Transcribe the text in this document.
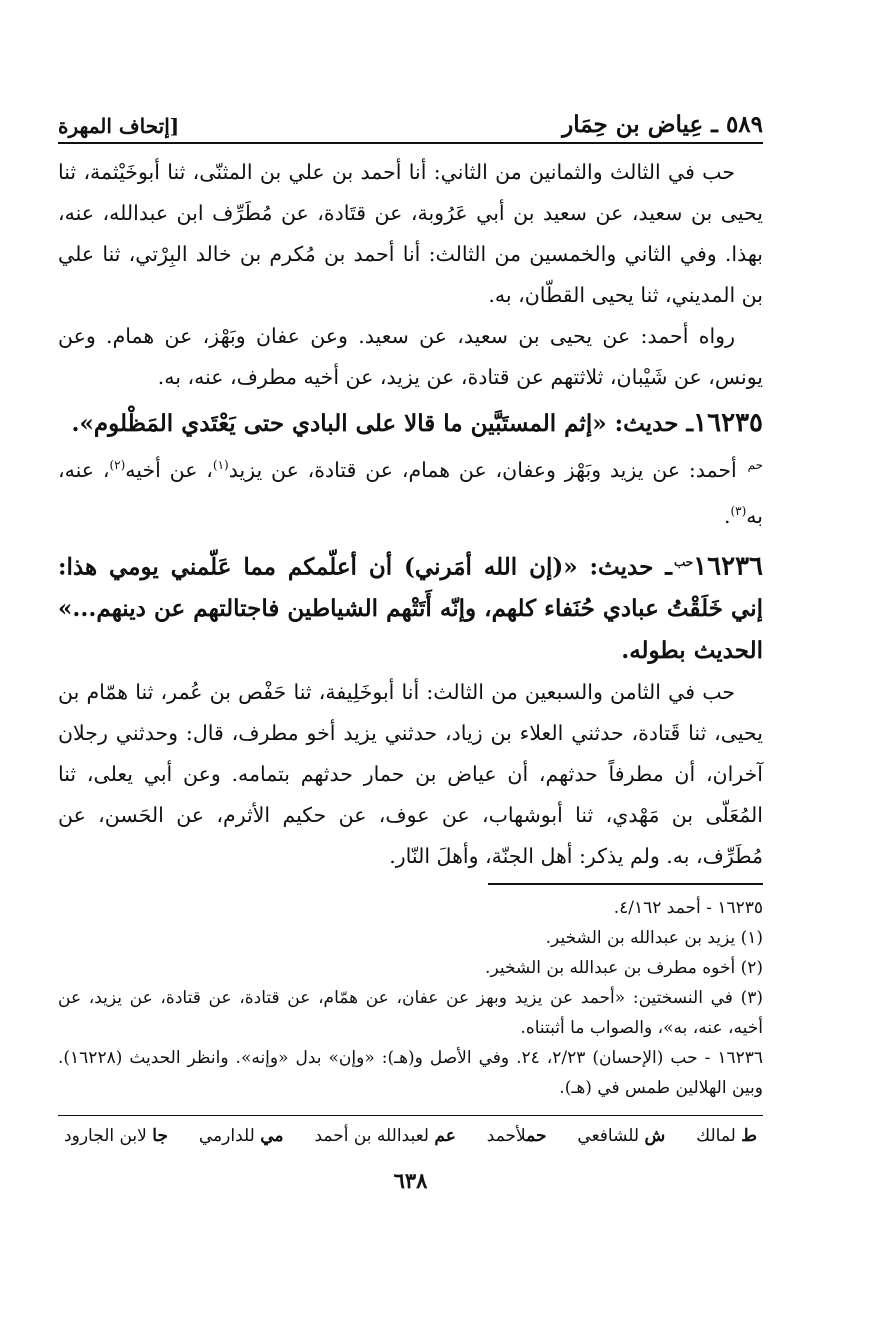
٥٨٩ ـ عِياض بن حِمَار
[إتحاف المهرة

حب في الثالث والثمانين من الثاني: أنا أحمد بن علي بن المثنّى، ثنا أبوخَيْثمة، ثنا يحيى بن سعيد، عن سعيد بن أبي عَرُوبة، عن قتَادة، عن مُطَرِّف ابن عبدالله، عنه، بهذا. وفي الثاني والخمسين من الثالث: أنا أحمد بن مُكرم بن خالد البِرْتي، ثنا علي بن المديني، ثنا يحيى القطّان، به.

رواه أحمد: عن يحيى بن سعيد، عن سعيد. وعن عفان وبَهْز، عن همام. وعن يونس، عن شَيْبان، ثلاثتهم عن قتادة، عن يزيد، عن أخيه مطرف، عنه، به.

١٦٢٣٥ـ حديث: «إثم المستَبَّين ما قالا على البادي حتى يَعْتَدي المَظْلوم».

حم أحمد: عن يزيد وبَهْز وعفان، عن همام، عن قتادة، عن يزيد$^{(١)}$، عن أخيه$^{(٢)}$، عنه، به$^{(٣)}$.

١٦٢٣٦حبـ حديث: «(إن الله أمَرني) أن أعلّمكم مما عَلّمني يومي هذا: إني خَلَقْتُ عبادي حُنَفاء كلهم، وإنّه أَتَتْهم الشياطين فاجتالتهم عن دينهم...» الحديث بطوله.

حب في الثامن والسبعين من الثالث: أنا أبوخَلِيفة، ثنا حَفْص بن عُمر، ثنا همّام بن يحيى، ثنا قَتادة، حدثني العلاء بن زياد، حدثني يزيد أخو مطرف، قال: وحدثني رجلان آخران، أن مطرفاً حدثهم، أن عياض بن حمار حدثهم بتمامه. وعن أبي يعلى، ثنا المُعَلّى بن مَهْدي، ثنا أبوشهاب، عن عوف، عن حكيم الأثرم، عن الحَسن، عن مُطَرِّف، به. ولم يذكر: أهل الجنّة، وأهلَ النّار.

١٦٢٣٥ - أحمد ٤/١٦٢.

(١) يزيد بن عبدالله بن الشخير.

(٢) أخوه مطرف بن عبدالله بن الشخير.

(٣) في النسختين: «أحمد عن يزيد وبهز عن عفان، عن همّام، عن قتادة، عن قتادة، عن يزيد، عن أخيه، عنه، به»، والصواب ما أثبتناه.

١٦٢٣٦ - حب (الإحسان) ٢/٢٣، ٢٤. وفي الأصل و(هـ): «وإن» بدل «وإنه». وانظر الحديث (١٦٢٢٨). وبين الهلالين طمس في (هـ).

ط لمالك
ش للشافعي
حملأحمد
عم لعبدالله بن أحمد
مي للدارمي
جا لابن الجارود
٦٣٨
